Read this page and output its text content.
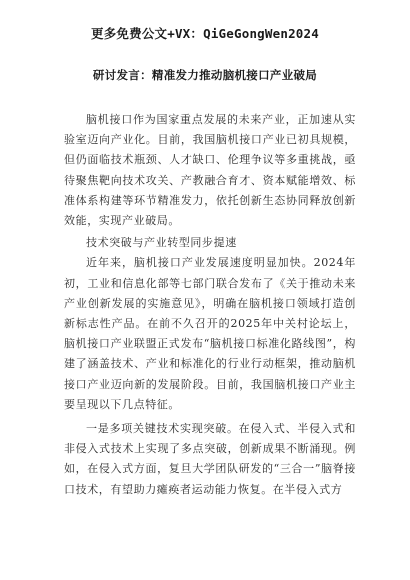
更多免费公文+VX：QiGeGongWen2024
研讨发言：精准发力推动脑机接口产业破局

脑机接口作为国家重点发展的未来产业，正加速从实验室迈向产业化。目前，我国脑机接口产业已初具规模，但仍面临技术瓶颈、人才缺口、伦理争议等多重挑战，亟待聚焦靶向技术攻关、产教融合育才、资本赋能增效、标准体系构建等环节精准发力，依托创新生态协同释放创新效能，实现产业破局。

技术突破与产业转型同步提速

近年来，脑机接口产业发展速度明显加快。2024年初，工业和信息化部等七部门联合发布了《关于推动未来产业创新发展的实施意见》，明确在脑机接口领域打造创新标志性产品。在前不久召开的2025年中关村论坛上，脑机接口产业联盟正式发布“脑机接口标准化路线图”，构建了涵盖技术、产业和标准化的行业行动框架，推动脑机接口产业迈向新的发展阶段。目前，我国脑机接口产业主要呈现以下几点特征。

一是多项关键技术实现突破。在侵入式、半侵入式和非侵入式技术上实现了多点突破，创新成果不断涌现。例如，在侵入式方面，复旦大学团队研发的“三合一”脑脊接口技术，有望助力瘫痪者运动能力恢复。在半侵入式方
